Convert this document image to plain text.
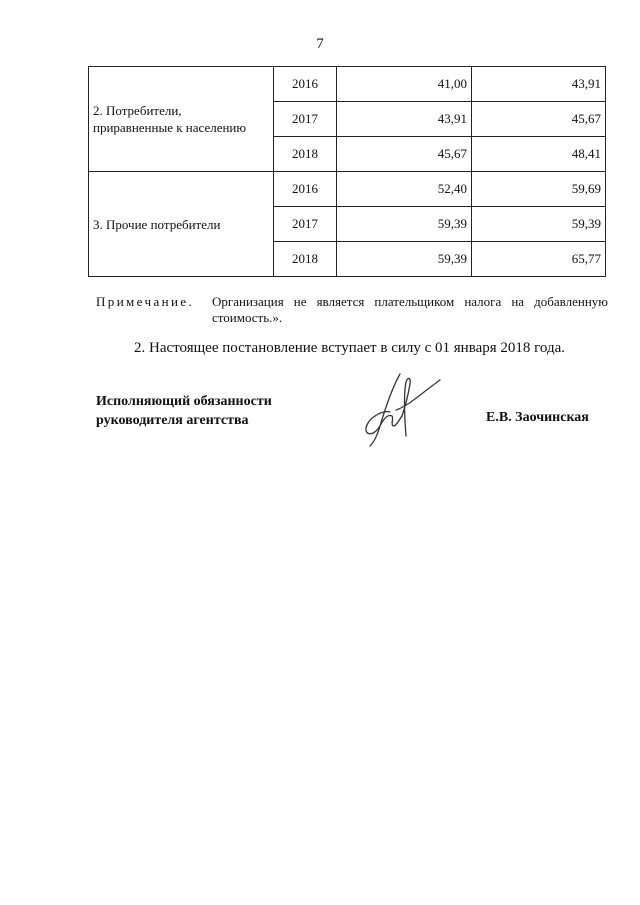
7
2. Потребители,
приравненные к населению	2016	41,00	43,91
	2017	43,91	45,67
	2018	45,67	48,41

3. Прочие потребители	2016	52,40	59,69
	2017	59,39	59,39
	2018	59,39	65,77
Примечание. Организация не является плательщиком налога на добавленную
стоимость.».
2. Настоящее постановление вступает в силу с 01 января 2018 года.
Исполняющий обязанности
руководителя агентства	Е.В. Заочинская
